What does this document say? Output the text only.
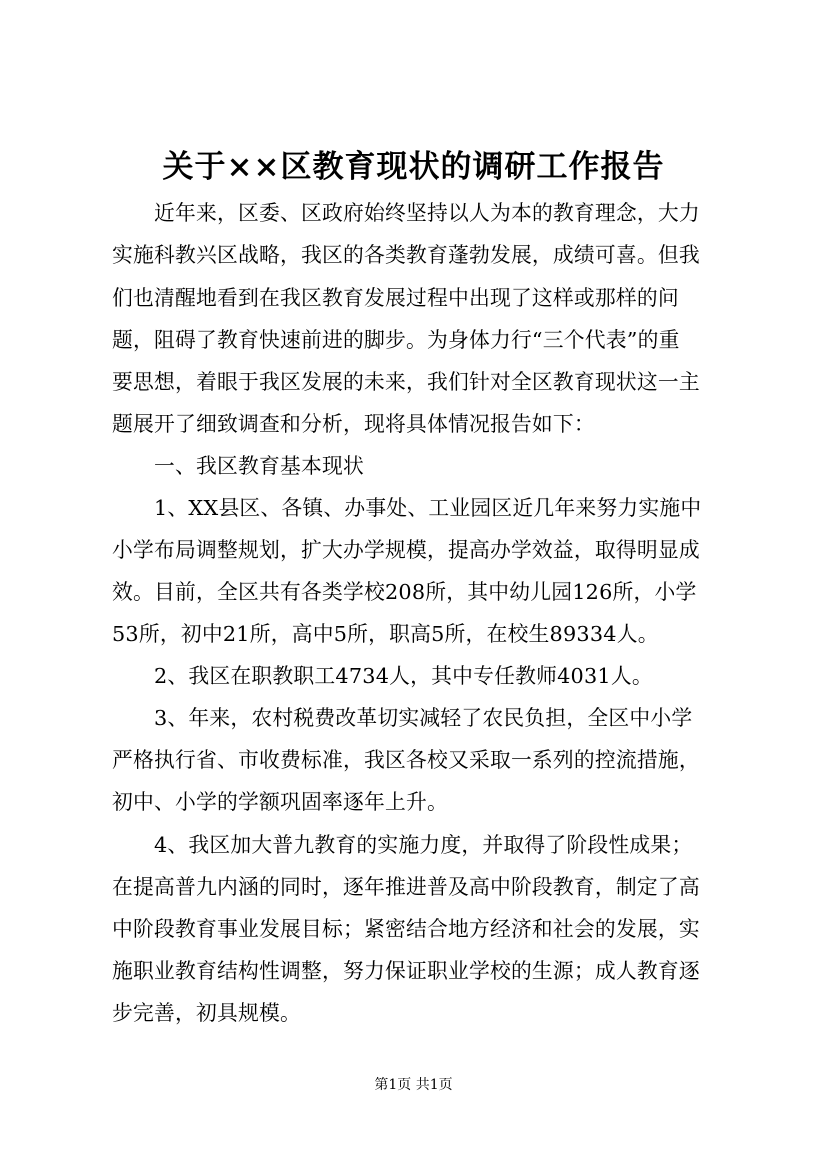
关于××区教育现状的调研工作报告
近年来，区委、区政府始终坚持以人为本的教育理念，大力
实施科教兴区战略，我区的各类教育蓬勃发展，成绩可喜。但我
们也清醒地看到在我区教育发展过程中出现了这样或那样的问
题，阻碍了教育快速前进的脚步。为身体力行“三个代表”的重
要思想，着眼于我区发展的未来，我们针对全区教育现状这一主
题展开了细致调查和分析，现将具体情况报告如下：
一、我区教育基本现状
1、XX县区、各镇、办事处、工业园区近几年来努力实施中
小学布局调整规划，扩大办学规模，提高办学效益，取得明显成
效。目前，全区共有各类学校208所，其中幼儿园126所，小学
53所，初中21所，高中5所，职高5所，在校生89334人。
2、我区在职教职工4734人，其中专任教师4031人。
3、年来，农村税费改革切实减轻了农民负担，全区中小学
严格执行省、市收费标准，我区各校又采取一系列的控流措施，
初中、小学的学额巩固率逐年上升。
4、我区加大普九教育的实施力度，并取得了阶段性成果；
在提高普九内涵的同时，逐年推进普及高中阶段教育，制定了高
中阶段教育事业发展目标；紧密结合地方经济和社会的发展，实
施职业教育结构性调整，努力保证职业学校的生源；成人教育逐
步完善，初具规模。
第1页 共1页
